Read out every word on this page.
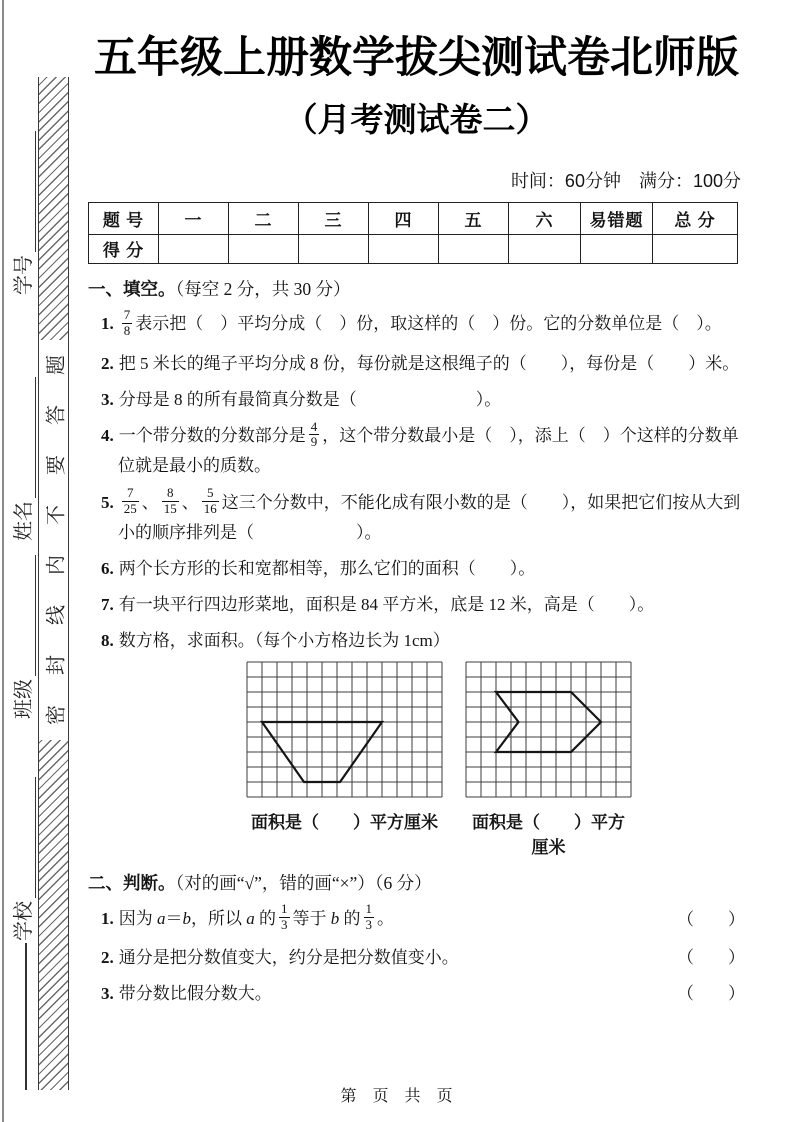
学号
姓名
班级
学校
题
答
要
不
内
线
封
密
五年级上册数学拔尖测试卷北师版
（月考测试卷二）
时间：60分钟　满分：100分
题 号	一	二	三	四	五	六	易错题	总 分
得 分								
一、填空。（每空 2 分，共 30 分）
1. $\frac{7}{8}$ 表示把（　）平均分成（　）份，取这样的（　）份。它的分数单位是（　）。
2. 把 5 米长的绳子平均分成 8 份，每份就是这根绳子的（　　），每份是（　　）米。
3. 分母是 8 的所有最简真分数是（　　　　　　　）。
4. 一个带分数的分数部分是 $\frac{4}{9}$ ，这个带分数最小是（　），添上（　）个这样的分数单位就是最小的质数。
5. $\frac{7}{25}$ 、 $\frac{8}{15}$ 、 $\frac{5}{16}$ 这三个分数中，不能化成有限小数的是（　　），如果把它们按从大到小的顺序排列是（　　　　　　）。
6. 两个长方形的长和宽都相等，那么它们的面积（　　）。
7. 有一块平行四边形菜地，面积是 84 平方米，底是 12 米，高是（　　）。
8. 数方格，求面积。（每个小方格边长为 1cm）
面积是（　　）平方厘米	面积是（　　）平方厘米
二、判断。（对的画“√”，错的画“×”）（6 分）
1. 因为 a＝b，所以 a 的 $\frac{1}{3}$ 等于 b 的 $\frac{1}{3}$ 。	（　　）
2. 通分是把分数值变大，约分是把分数值变小。	（　　）
3. 带分数比假分数大。	（　　）
第　页　共　页
